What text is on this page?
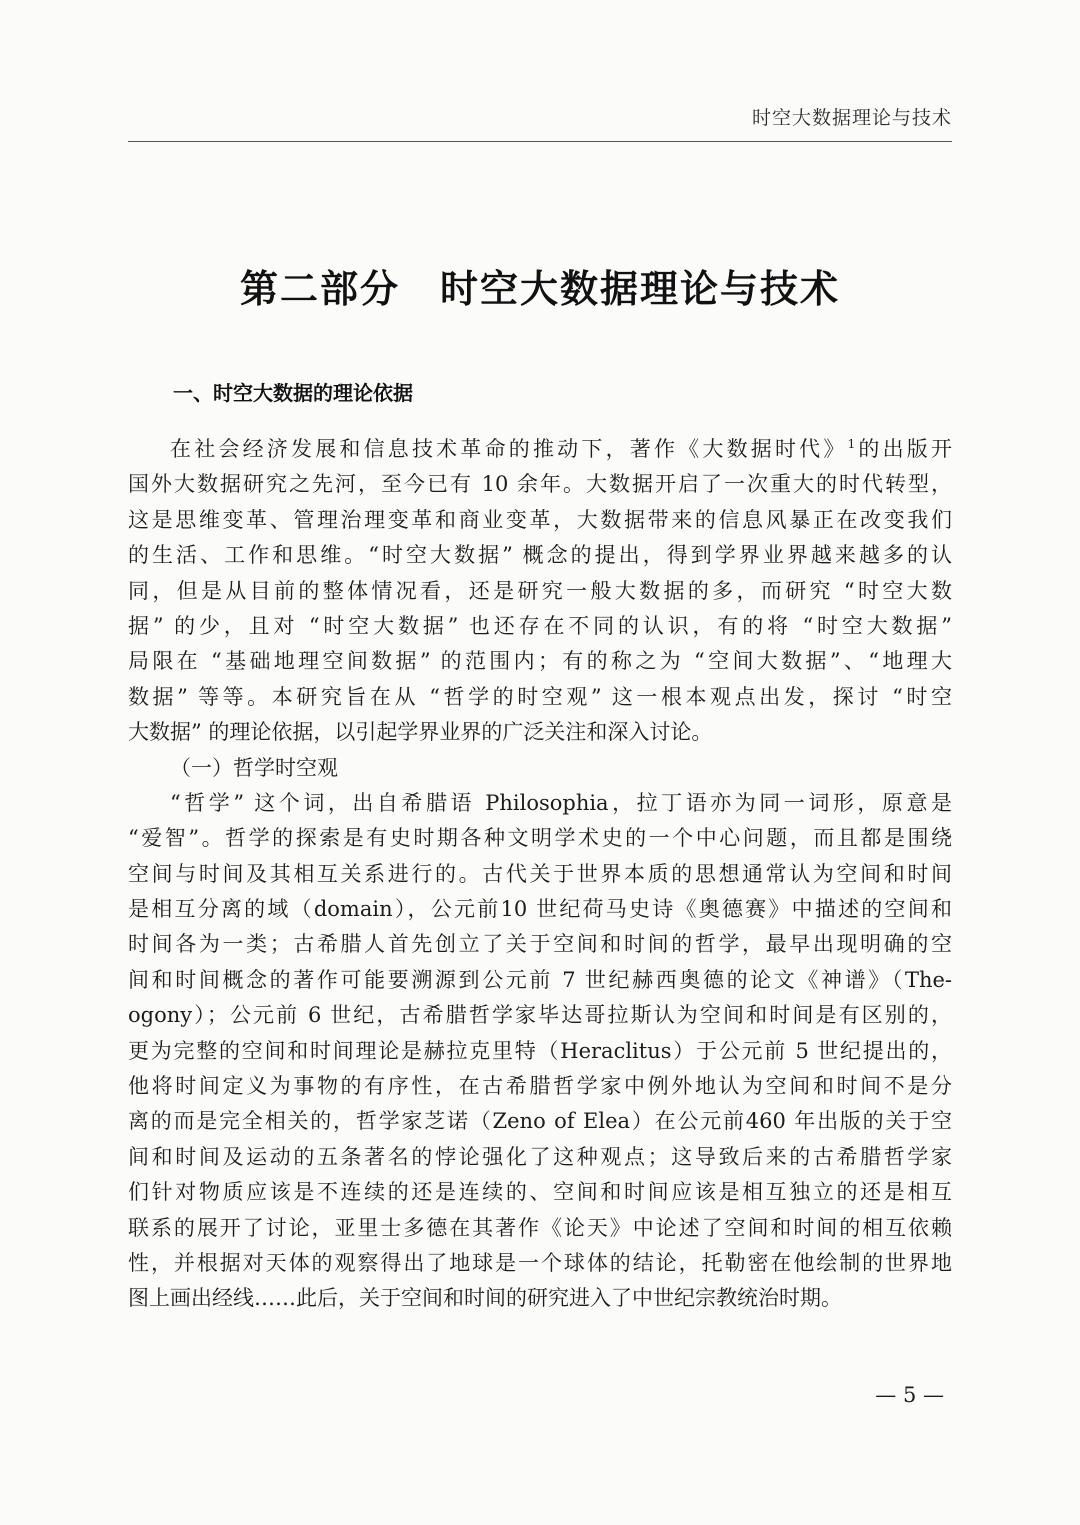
时空大数据理论与技术
第二部分　时空大数据理论与技术
一、时空大数据的理论依据
在社会经济发展和信息技术革命的推动下，著作《大数据时代》$^1$的出版开
国外大数据研究之先河，至今已有 10 余年。大数据开启了一次重大的时代转型，
这是思维变革、管理治理变革和商业变革，大数据带来的信息风暴正在改变我们
的生活、工作和思维。“时空大数据” 概念的提出，得到学界业界越来越多的认
同，但是从目前的整体情况看，还是研究一般大数据的多，而研究 “时空大数
据” 的少，且对 “时空大数据” 也还存在不同的认识，有的将 “时空大数据”
局限在 “基础地理空间数据” 的范围内；有的称之为 “空间大数据”、“地理大
数据” 等等。本研究旨在从 “哲学的时空观” 这一根本观点出发，探讨 “时空
大数据” 的理论依据，以引起学界业界的广泛关注和深入讨论。
（一）哲学时空观
“哲学” 这个词，出自希腊语 Philosophia，拉丁语亦为同一词形，原意是
“爱智”。哲学的探索是有史时期各种文明学术史的一个中心问题，而且都是围绕
空间与时间及其相互关系进行的。古代关于世界本质的思想通常认为空间和时间
是相互分离的域（domain），公元前10 世纪荷马史诗《奥德赛》中描述的空间和
时间各为一类；古希腊人首先创立了关于空间和时间的哲学，最早出现明确的空
间和时间概念的著作可能要溯源到公元前 7 世纪赫西奥德的论文《神谱》（The-
ogony）；公元前 6 世纪，古希腊哲学家毕达哥拉斯认为空间和时间是有区别的，
更为完整的空间和时间理论是赫拉克里特（Heraclitus）于公元前 5 世纪提出的，
他将时间定义为事物的有序性，在古希腊哲学家中例外地认为空间和时间不是分
离的而是完全相关的，哲学家芝诺（Zeno of Elea）在公元前460 年出版的关于空
间和时间及运动的五条著名的悖论强化了这种观点；这导致后来的古希腊哲学家
们针对物质应该是不连续的还是连续的、空间和时间应该是相互独立的还是相互
联系的展开了讨论，亚里士多德在其著作《论天》中论述了空间和时间的相互依赖
性，并根据对天体的观察得出了地球是一个球体的结论，托勒密在他绘制的世界地
图上画出经线……此后，关于空间和时间的研究进入了中世纪宗教统治时期。
— 5 —
